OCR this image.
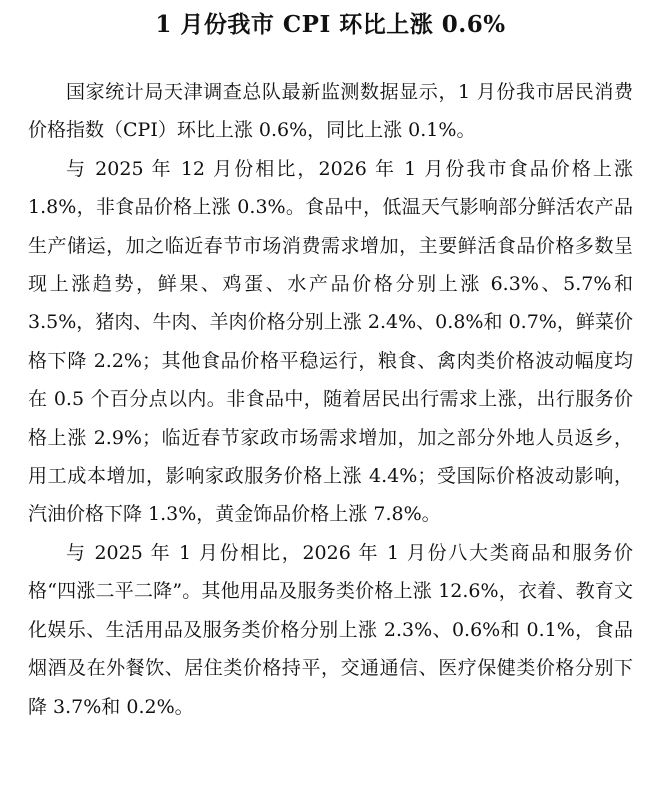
1 月份我市 CPI 环比上涨 0.6%

国家统计局天津调查总队最新监测数据显示，1 月份我市居民消费价格指数（CPI）环比上涨 0.6%，同比上涨 0.1%。

与 2025 年 12 月份相比，2026 年 1 月份我市食品价格上涨 1.8%，非食品价格上涨 0.3%。食品中，低温天气影响部分鲜活农产品生产储运，加之临近春节市场消费需求增加，主要鲜活食品价格多数呈现上涨趋势，鲜果、鸡蛋、水产品价格分别上涨 6.3%、5.7%和 3.5%，猪肉、牛肉、羊肉价格分别上涨 2.4%、0.8%和 0.7%，鲜菜价格下降 2.2%；其他食品价格平稳运行，粮食、禽肉类价格波动幅度均在 0.5 个百分点以内。非食品中，随着居民出行需求上涨，出行服务价格上涨 2.9%；临近春节家政市场需求增加，加之部分外地人员返乡，用工成本增加，影响家政服务价格上涨 4.4%；受国际价格波动影响，汽油价格下降 1.3%，黄金饰品价格上涨 7.8%。

与 2025 年 1 月份相比，2026 年 1 月份八大类商品和服务价格“四涨二平二降”。其他用品及服务类价格上涨 12.6%，衣着、教育文化娱乐、生活用品及服务类价格分别上涨 2.3%、0.6%和 0.1%，食品烟酒及在外餐饮、居住类价格持平，交通通信、医疗保健类价格分别下降 3.7%和 0.2%。
